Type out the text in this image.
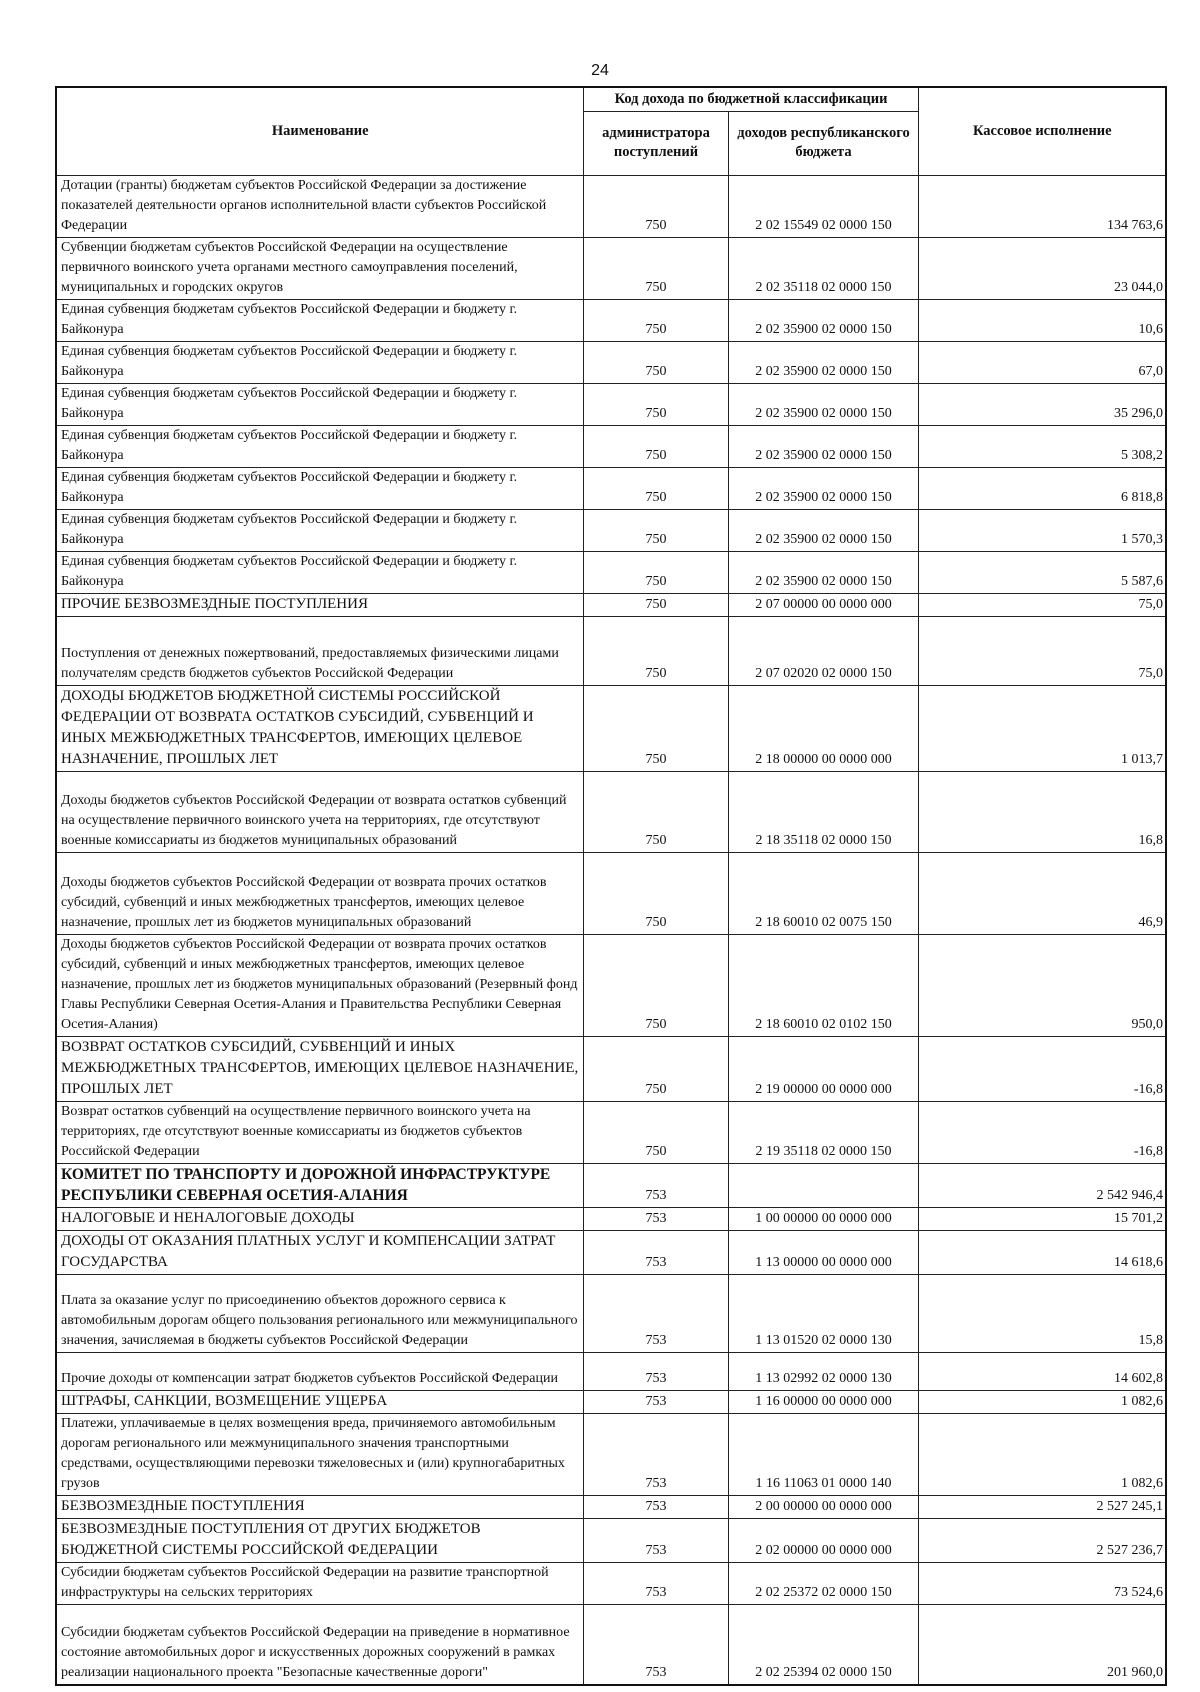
24
Наименование	Код дохода по бюджетной классификации		Кассовое исполнение
	администратора поступлений	доходов республиканского бюджета	
Дотации (гранты) бюджетам субъектов Российской Федерации за достижение показателей деятельности органов исполнительной власти субъектов Российской Федерации	750	2 02 15549 02 0000 150	134 763,6
Субвенции бюджетам субъектов Российской Федерации на осуществление первичного воинского учета органами местного самоуправления поселений, муниципальных и городских округов	750	2 02 35118 02 0000 150	23 044,0
Единая субвенция бюджетам субъектов Российской Федерации и бюджету г. Байконура	750	2 02 35900 02 0000 150	10,6
Единая субвенция бюджетам субъектов Российской Федерации и бюджету г. Байконура	750	2 02 35900 02 0000 150	67,0
Единая субвенция бюджетам субъектов Российской Федерации и бюджету г. Байконура	750	2 02 35900 02 0000 150	35 296,0
Единая субвенция бюджетам субъектов Российской Федерации и бюджету г. Байконура	750	2 02 35900 02 0000 150	5 308,2
Единая субвенция бюджетам субъектов Российской Федерации и бюджету г. Байконура	750	2 02 35900 02 0000 150	6 818,8
Единая субвенция бюджетам субъектов Российской Федерации и бюджету г. Байконура	750	2 02 35900 02 0000 150	1 570,3
Единая субвенция бюджетам субъектов Российской Федерации и бюджету г. Байконура	750	2 02 35900 02 0000 150	5 587,6
ПРОЧИЕ БЕЗВОЗМЕЗДНЫЕ ПОСТУПЛЕНИЯ	750	2 07 00000 00 0000 000	75,0
Поступления от денежных пожертвований, предоставляемых физическими лицами получателям средств бюджетов субъектов Российской Федерации	750	2 07 02020 02 0000 150	75,0
ДОХОДЫ БЮДЖЕТОВ БЮДЖЕТНОЙ СИСТЕМЫ РОССИЙСКОЙ ФЕДЕРАЦИИ ОТ ВОЗВРАТА ОСТАТКОВ СУБСИДИЙ, СУБВЕНЦИЙ И ИНЫХ МЕЖБЮДЖЕТНЫХ ТРАНСФЕРТОВ, ИМЕЮЩИХ ЦЕЛЕВОЕ НАЗНАЧЕНИЕ, ПРОШЛЫХ ЛЕТ	750	2 18 00000 00 0000 000	1 013,7
Доходы бюджетов субъектов Российской Федерации от возврата остатков субвенций на осуществление первичного воинского учета на территориях, где отсутствуют военные комиссариаты из бюджетов муниципальных образований	750	2 18 35118 02 0000 150	16,8
Доходы бюджетов субъектов Российской Федерации от возврата прочих остатков субсидий, субвенций и иных межбюджетных трансфертов, имеющих целевое назначение, прошлых лет из бюджетов муниципальных образований	750	2 18 60010 02 0075 150	46,9
Доходы бюджетов субъектов Российской Федерации от возврата прочих остатков субсидий, субвенций и иных межбюджетных трансфертов, имеющих целевое назначение, прошлых лет из бюджетов муниципальных образований (Резервный фонд Главы Республики Северная Осетия-Алания и Правительства Республики Северная Осетия-Алания)	750	2 18 60010 02 0102 150	950,0
ВОЗВРАТ ОСТАТКОВ СУБСИДИЙ, СУБВЕНЦИЙ И ИНЫХ МЕЖБЮДЖЕТНЫХ ТРАНСФЕРТОВ, ИМЕЮЩИХ ЦЕЛЕВОЕ НАЗНАЧЕНИЕ, ПРОШЛЫХ ЛЕТ	750	2 19 00000 00 0000 000	-16,8
Возврат остатков субвенций на осуществление первичного воинского учета на территориях, где отсутствуют военные комиссариаты из бюджетов субъектов Российской Федерации	750	2 19 35118 02 0000 150	-16,8
КОМИТЕТ ПО ТРАНСПОРТУ И ДОРОЖНОЙ ИНФРАСТРУКТУРЕ РЕСПУБЛИКИ СЕВЕРНАЯ ОСЕТИЯ-АЛАНИЯ	753		2 542 946,4
НАЛОГОВЫЕ И НЕНАЛОГОВЫЕ ДОХОДЫ	753	1 00 00000 00 0000 000	15 701,2
ДОХОДЫ ОТ ОКАЗАНИЯ ПЛАТНЫХ УСЛУГ И КОМПЕНСАЦИИ ЗАТРАТ ГОСУДАРСТВА	753	1 13 00000 00 0000 000	14 618,6
Плата за оказание услуг по присоединению объектов дорожного сервиса к автомобильным дорогам общего пользования регионального или межмуниципального значения, зачисляемая в бюджеты субъектов Российской Федерации	753	1 13 01520 02 0000 130	15,8
Прочие доходы от компенсации затрат бюджетов субъектов Российской Федерации	753	1 13 02992 02 0000 130	14 602,8
ШТРАФЫ, САНКЦИИ, ВОЗМЕЩЕНИЕ УЩЕРБА	753	1 16 00000 00 0000 000	1 082,6
Платежи, уплачиваемые в целях возмещения вреда, причиняемого автомобильным дорогам регионального или межмуниципального значения транспортными средствами, осуществляющими перевозки тяжеловесных и (или) крупногабаритных грузов	753	1 16 11063 01 0000 140	1 082,6
БЕЗВОЗМЕЗДНЫЕ ПОСТУПЛЕНИЯ	753	2 00 00000 00 0000 000	2 527 245,1
БЕЗВОЗМЕЗДНЫЕ ПОСТУПЛЕНИЯ ОТ ДРУГИХ БЮДЖЕТОВ БЮДЖЕТНОЙ СИСТЕМЫ РОССИЙСКОЙ ФЕДЕРАЦИИ	753	2 02 00000 00 0000 000	2 527 236,7
Субсидии бюджетам субъектов Российской Федерации на развитие транспортной инфраструктуры на сельских территориях	753	2 02 25372 02 0000 150	73 524,6
Субсидии бюджетам субъектов Российской Федерации на приведение в нормативное состояние автомобильных дорог и искусственных дорожных сооружений в рамках реализации национального проекта "Безопасные качественные дороги"	753	2 02 25394 02 0000 150	201 960,0
